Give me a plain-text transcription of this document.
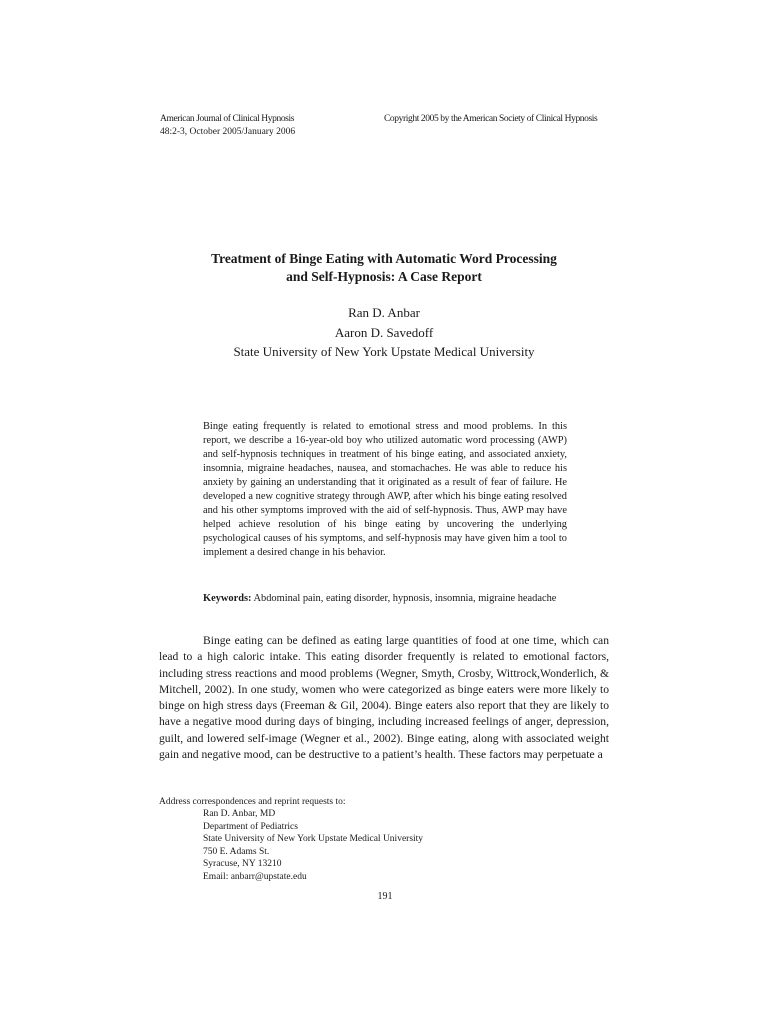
American Journal of Clinical Hypnosis
48:2-3, October 2005/January 2006
Copyright 2005 by the American Society of Clinical Hypnosis
Treatment of Binge Eating with Automatic Word Processing
and Self-Hypnosis: A Case Report
Ran D. Anbar
Aaron D. Savedoff
State University of New York Upstate Medical University
Binge eating frequently is related to emotional stress and mood problems. In this report, we describe a 16-year-old boy who utilized automatic word processing (AWP) and self-hypnosis techniques in treatment of his binge eating, and associated anxiety, insomnia, migraine headaches, nausea, and stomachaches. He was able to reduce his anxiety by gaining an understanding that it originated as a result of fear of failure. He developed a new cognitive strategy through AWP, after which his binge eating resolved and his other symptoms improved with the aid of self-hypnosis. Thus, AWP may have helped achieve resolution of his binge eating by uncovering the underlying psychological causes of his symptoms, and self-hypnosis may have given him a tool to implement a desired change in his behavior.
Keywords: Abdominal pain, eating disorder, hypnosis, insomnia, migraine headache
Binge eating can be defined as eating large quantities of food at one time, which can lead to a high caloric intake. This eating disorder frequently is related to emotional factors, including stress reactions and mood problems (Wegner, Smyth, Crosby, Wittrock,Wonderlich, & Mitchell, 2002). In one study, women who were categorized as binge eaters were more likely to binge on high stress days (Freeman & Gil, 2004). Binge eaters also report that they are likely to have a negative mood during days of binging, including increased feelings of anger, depression, guilt, and lowered self-image (Wegner et al., 2002). Binge eating, along with associated weight gain and negative mood, can be destructive to a patient’s health. These factors may perpetuate a
Address correspondences and reprint requests to:
Ran D. Anbar, MD
Department of Pediatrics
State University of New York Upstate Medical University
750 E. Adams St.
Syracuse, NY 13210
Email: anbarr@upstate.edu
191
